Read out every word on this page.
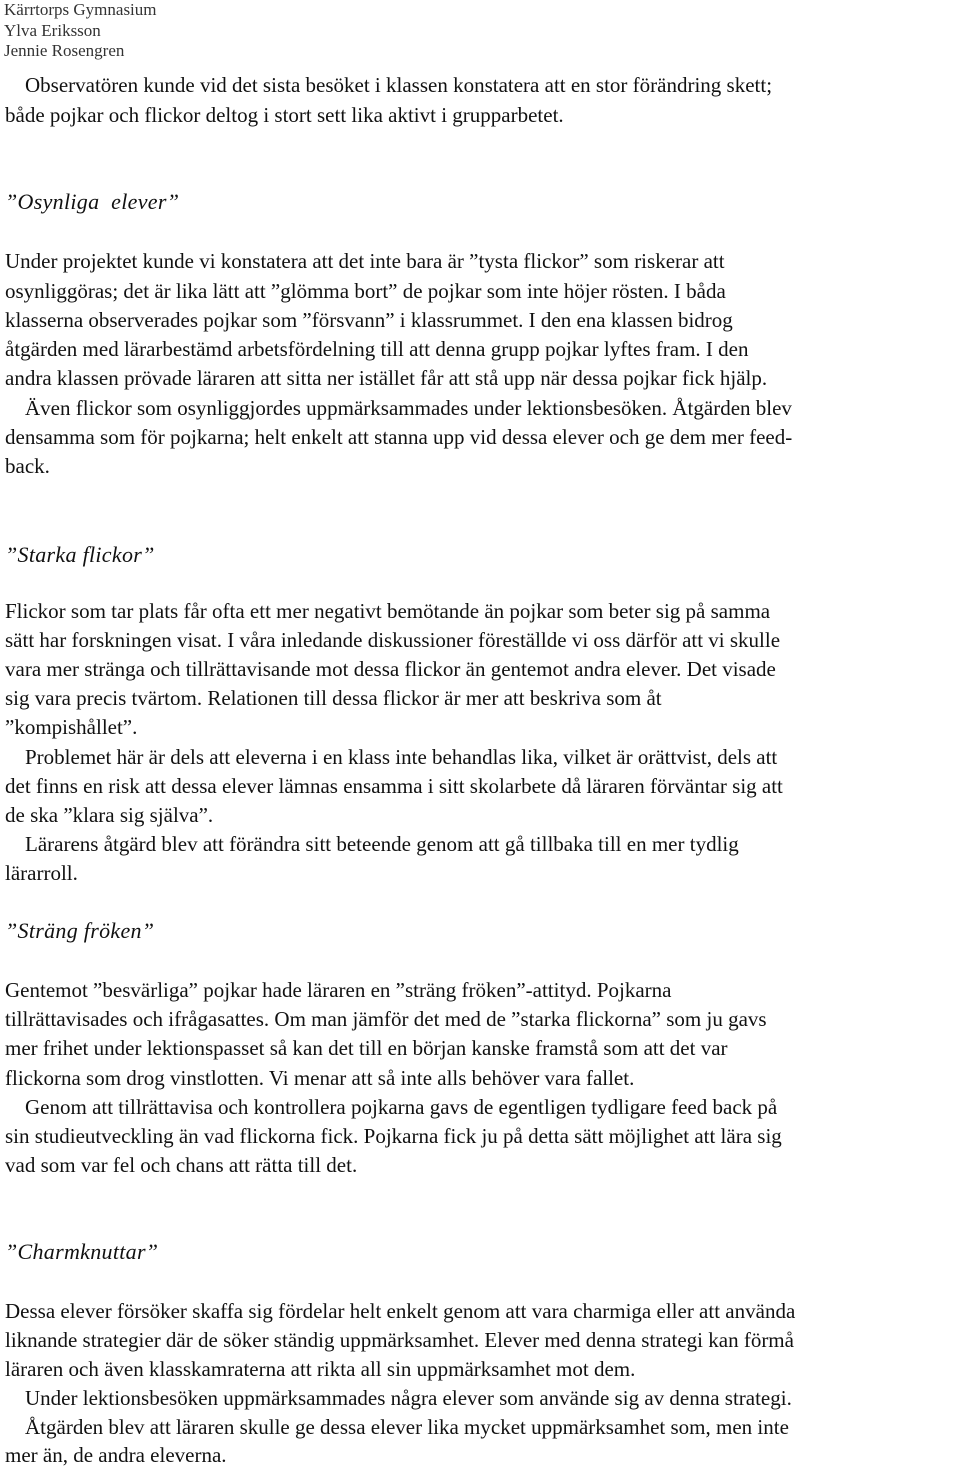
Kärrtorps Gymnasium
Ylva Eriksson
Jennie Rosengren
Observatören kunde vid det sista besöket i klassen konstatera att en stor förändring skett;
både pojkar och flickor deltog i stort sett lika aktivt i grupparbetet.
”Osynliga elever”
Under projektet kunde vi konstatera att det inte bara är ”tysta flickor” som riskerar att
osynliggöras; det är lika lätt att ”glömma bort” de pojkar som inte höjer rösten. I båda
klasserna observerades pojkar som ”försvann” i klassrummet. I den ena klassen bidrog
åtgärden med lärarbestämd arbetsfördelning till att denna grupp pojkar lyftes fram. I den
andra klassen prövade läraren att sitta ner istället får att stå upp när dessa pojkar fick hjälp.
Även flickor som osynliggjordes uppmärksammades under lektionsbesöken. Åtgärden blev
densamma som för pojkarna; helt enkelt att stanna upp vid dessa elever och ge dem mer feed-
back.
”Starka flickor”
Flickor som tar plats får ofta ett mer negativt bemötande än pojkar som beter sig på samma
sätt har forskningen visat. I våra inledande diskussioner föreställde vi oss därför att vi skulle
vara mer stränga och tillrättavisande mot dessa flickor än gentemot andra elever. Det visade
sig vara precis tvärtom. Relationen till dessa flickor är mer att beskriva som åt
”kompishållet”.
Problemet här är dels att eleverna i en klass inte behandlas lika, vilket är orättvist, dels att
det finns en risk att dessa elever lämnas ensamma i sitt skolarbete då läraren förväntar sig att
de ska ”klara sig själva”.
Lärarens åtgärd blev att förändra sitt beteende genom att gå tillbaka till en mer tydlig
lärarroll.
”Sträng fröken”
Gentemot ”besvärliga” pojkar hade läraren en ”sträng fröken”-attityd. Pojkarna
tillrättavisades och ifrågasattes. Om man jämför det med de ”starka flickorna” som ju gavs
mer frihet under lektionspasset så kan det till en början kanske framstå som att det var
flickorna som drog vinstlotten. Vi menar att så inte alls behöver vara fallet.
Genom att tillrättavisa och kontrollera pojkarna gavs de egentligen tydligare feed back på
sin studieutveckling än vad flickorna fick. Pojkarna fick ju på detta sätt möjlighet att lära sig
vad som var fel och chans att rätta till det.
”Charmknuttar”
Dessa elever försöker skaffa sig fördelar helt enkelt genom att vara charmiga eller att använda
liknande strategier där de söker ständig uppmärksamhet. Elever med denna strategi kan förmå
läraren och även klasskamraterna att rikta all sin uppmärksamhet mot dem.
Under lektionsbesöken uppmärksammades några elever som använde sig av denna strategi.
Åtgärden blev att läraren skulle ge dessa elever lika mycket uppmärksamhet som, men inte
mer än, de andra eleverna.
